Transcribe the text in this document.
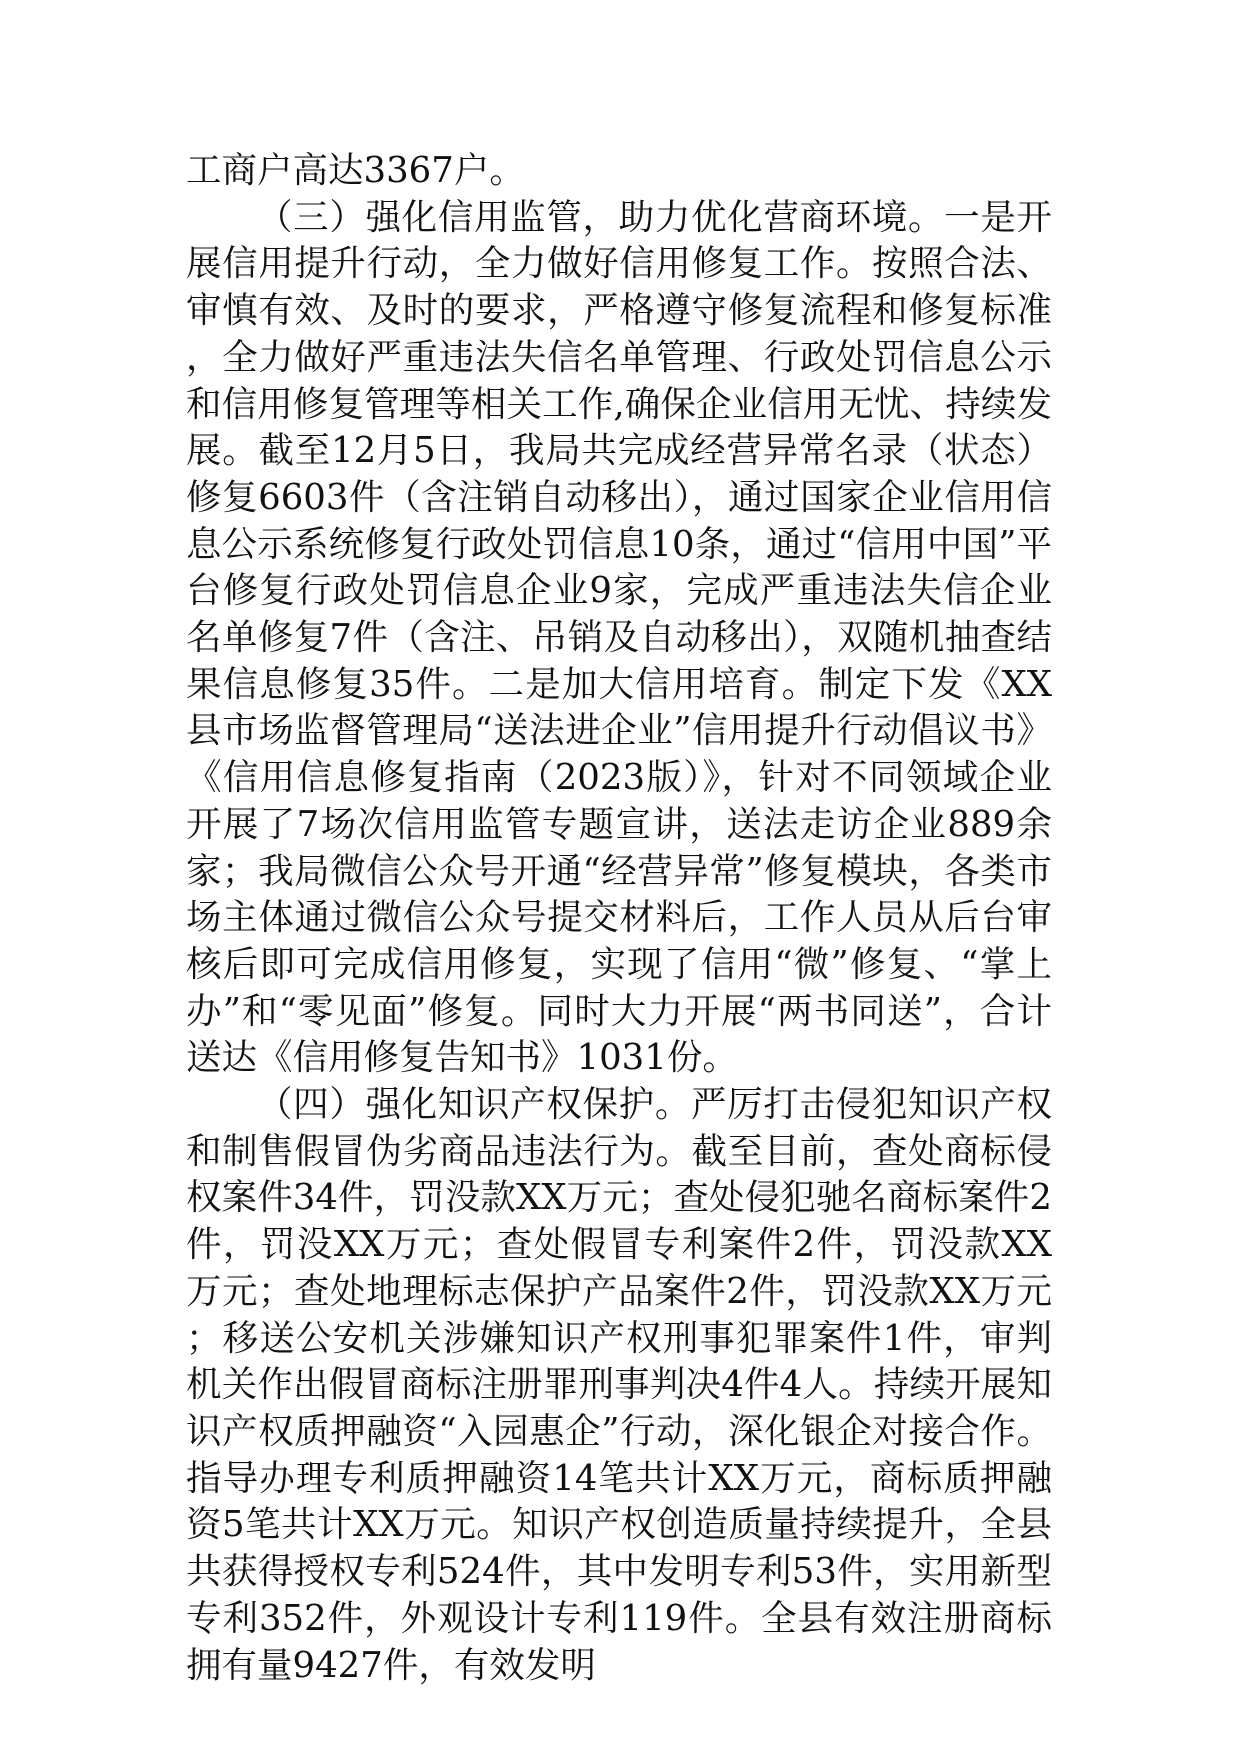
工商户高达3367户。

（三）强化信用监管，助力优化营商环境。一是开展信用提升行动，全力做好信用修复工作。按照合法、审慎有效、及时的要求，严格遵守修复流程和修复标准，全力做好严重违法失信名单管理、行政处罚信息公示和信用修复管理等相关工作,确保企业信用无忧、持续发展。截至12月5日，我局共完成经营异常名录（状态）修复6603件（含注销自动移出），通过国家企业信用信息公示系统修复行政处罚信息10条，通过“信用中国”平台修复行政处罚信息企业9家，完成严重违法失信企业名单修复7件（含注、吊销及自动移出），双随机抽查结果信息修复35件。二是加大信用培育。制定下发《XX县市场监督管理局“送法进企业”信用提升行动倡议书》《信用信息修复指南（2023版）》，针对不同领域企业开展了7场次信用监管专题宣讲，送法走访企业889余家；我局微信公众号开通“经营异常”修复模块，各类市场主体通过微信公众号提交材料后，工作人员从后台审核后即可完成信用修复，实现了信用“微”修复、“掌上办”和“零见面”修复。同时大力开展“两书同送”，合计送达《信用修复告知书》1031份。

（四）强化知识产权保护。严厉打击侵犯知识产权和制售假冒伪劣商品违法行为。截至目前，查处商标侵权案件34件，罚没款XX万元；查处侵犯驰名商标案件2件，罚没XX万元；查处假冒专利案件2件，罚没款XX万元；查处地理标志保护产品案件2件，罚没款XX万元；移送公安机关涉嫌知识产权刑事犯罪案件1件，审判机关作出假冒商标注册罪刑事判决4件4人。持续开展知识产权质押融资“入园惠企”行动，深化银企对接合作。指导办理专利质押融资14笔共计XX万元，商标质押融资5笔共计XX万元。知识产权创造质量持续提升，全县共获得授权专利524件，其中发明专利53件，实用新型专利352件，外观设计专利119件。全县有效注册商标拥有量9427件，有效发明
